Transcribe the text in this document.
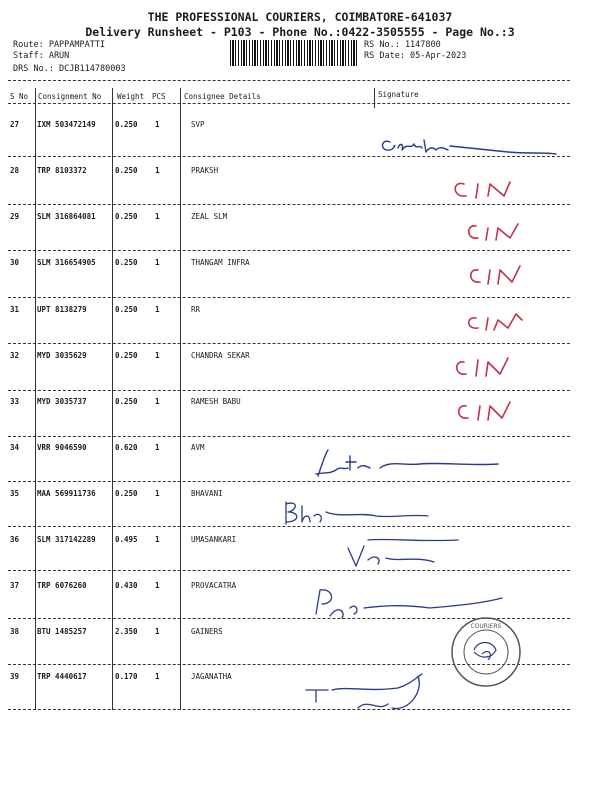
THE PROFESSIONAL COURIERS, COIMBATORE-641037
Delivery Runsheet - P103 - Phone No.:0422-3505555 - Page No.:3
Route: PAPPAMPATTI
Staff: ARUN
DRS No.: DCJB114780003
RS No.: 1147800
RS Date: 05-Apr-2023
S No Consignment No Weight PCS Consignee Details	Signature
27 IXM 503472149	0.250 1	SVP
28 TRP 8103372	0.250 1	PRAKSH
29 SLM 316864081	0.250 1	ZEAL SLM
30 SLM 316654905	0.250 1	THANGAM INFRA
31 UPT 8138279	0.250 1	RR
32 MYD 3035629	0.250 1	CHANDRA SEKAR
33 MYD 3035737	0.250 1	RAMESH BABU
34 VRR 9046590	0.620 1	AVM
35 MAA 569911736	0.250 1	BHAVANI
36 SLM 317142289	0.495 1	UMASANKARI
37 TRP 6076260	0.430 1	PROVACATRA
38 BTU 1485257	2.350 1	GAINERS
39 TRP 4440617	0.170 1	JAGANATHA
COURIERS
